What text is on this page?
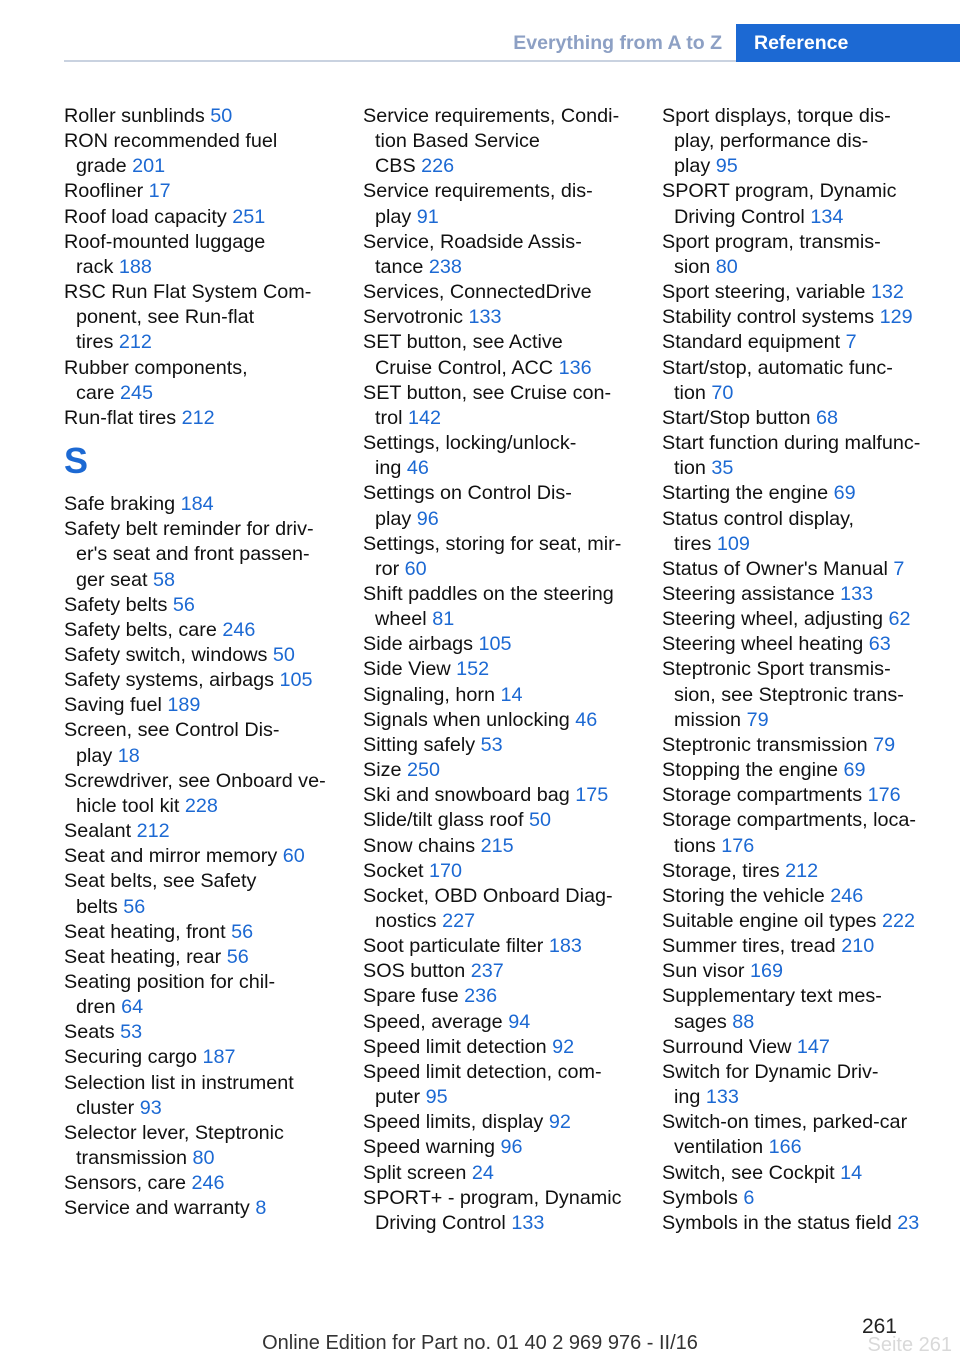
Everything from A to Z	Reference
Roller sunblinds 50
RON recommended fuel
grade 201
Roofliner 17
Roof load capacity 251
Roof-mounted luggage
rack 188
RSC Run Flat System Com‐
ponent, see Run-flat
tires 212
Rubber components,
care 245
Run-flat tires 212
S
Safe braking 184
Safety belt reminder for driv‐
er's seat and front passen‐
ger seat 58
Safety belts 56
Safety belts, care 246
Safety switch, windows 50
Safety systems, airbags 105
Saving fuel 189
Screen, see Control Dis‐
play 18
Screwdriver, see Onboard ve‐
hicle tool kit 228
Sealant 212
Seat and mirror memory 60
Seat belts, see Safety
belts 56
Seat heating, front 56
Seat heating, rear 56
Seating position for chil‐
dren 64
Seats 53
Securing cargo 187
Selection list in instrument
cluster 93
Selector lever, Steptronic
transmission 80
Sensors, care 246
Service and warranty 8
Service requirements, Condi‐
tion Based Service
CBS 226
Service requirements, dis‐
play 91
Service, Roadside Assis‐
tance 238
Services, ConnectedDrive
Servotronic 133
SET button, see Active
Cruise Control, ACC 136
SET button, see Cruise con‐
trol 142
Settings, locking/unlock‐
ing 46
Settings on Control Dis‐
play 96
Settings, storing for seat, mir‐
ror 60
Shift paddles on the steering
wheel 81
Side airbags 105
Side View 152
Signaling, horn 14
Signals when unlocking 46
Sitting safely 53
Size 250
Ski and snowboard bag 175
Slide/tilt glass roof 50
Snow chains 215
Socket 170
Socket, OBD Onboard Diag‐
nostics 227
Soot particulate filter 183
SOS button 237
Spare fuse 236
Speed, average 94
Speed limit detection 92
Speed limit detection, com‐
puter 95
Speed limits, display 92
Speed warning 96
Split screen 24
SPORT+ - program, Dynamic
Driving Control 133
Sport displays, torque dis‐
play, performance dis‐
play 95
SPORT program, Dynamic
Driving Control 134
Sport program, transmis‐
sion 80
Sport steering, variable 132
Stability control systems 129
Standard equipment 7
Start/stop, automatic func‐
tion 70
Start/Stop button 68
Start function during malfunc‐
tion 35
Starting the engine 69
Status control display,
tires 109
Status of Owner's Manual 7
Steering assistance 133
Steering wheel, adjusting 62
Steering wheel heating 63
Steptronic Sport transmis‐
sion, see Steptronic trans‐
mission 79
Steptronic transmission 79
Stopping the engine 69
Storage compartments 176
Storage compartments, loca‐
tions 176
Storage, tires 212
Storing the vehicle 246
Suitable engine oil types 222
Summer tires, tread 210
Sun visor 169
Supplementary text mes‐
sages 88
Surround View 147
Switch for Dynamic Driv‐
ing 133
Switch-on times, parked-car
ventilation 166
Switch, see Cockpit 14
Symbols 6
Symbols in the status field 23
261
Online Edition for Part no. 01 40 2 969 976 - II/16	Seite 261
